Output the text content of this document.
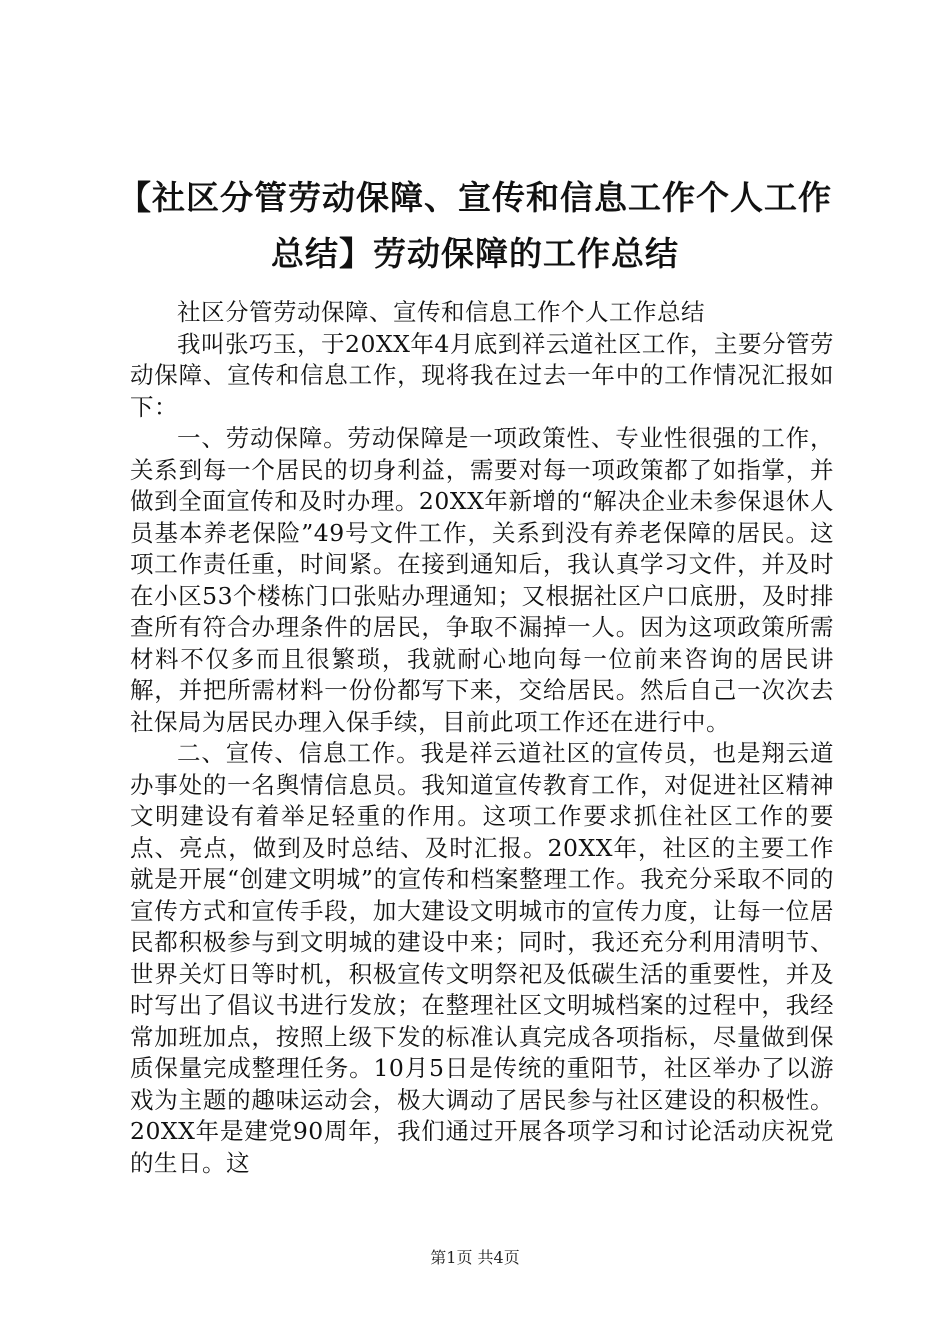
【社区分管劳动保障、宣传和信息工作个人工作总结】劳动保障的工作总结

社区分管劳动保障、宣传和信息工作个人工作总结

我叫张巧玉，于20XX年4月底到祥云道社区工作，主要分管劳动保障、宣传和信息工作，现将我在过去一年中的工作情况汇报如下：

一、劳动保障。劳动保障是一项政策性、专业性很强的工作，关系到每一个居民的切身利益，需要对每一项政策都了如指掌，并做到全面宣传和及时办理。20XX年新增的“解决企业未参保退休人员基本养老保险”49号文件工作，关系到没有养老保障的居民。这项工作责任重，时间紧。在接到通知后，我认真学习文件，并及时在小区53个楼栋门口张贴办理通知；又根据社区户口底册，及时排查所有符合办理条件的居民，争取不漏掉一人。因为这项政策所需材料不仅多而且很繁琐，我就耐心地向每一位前来咨询的居民讲解，并把所需材料一份份都写下来，交给居民。然后自己一次次去社保局为居民办理入保手续，目前此项工作还在进行中。

二、宣传、信息工作。我是祥云道社区的宣传员，也是翔云道办事处的一名舆情信息员。我知道宣传教育工作，对促进社区精神文明建设有着举足轻重的作用。这项工作要求抓住社区工作的要点、亮点，做到及时总结、及时汇报。20XX年，社区的主要工作就是开展“创建文明城”的宣传和档案整理工作。我充分采取不同的宣传方式和宣传手段，加大建设文明城市的宣传力度，让每一位居民都积极参与到文明城的建设中来；同时，我还充分利用清明节、世界关灯日等时机，积极宣传文明祭祀及低碳生活的重要性，并及时写出了倡议书进行发放；在整理社区文明城档案的过程中，我经常加班加点，按照上级下发的标准认真完成各项指标，尽量做到保质保量完成整理任务。10月5日是传统的重阳节，社区举办了以游戏为主题的趣味运动会，极大调动了居民参与社区建设的积极性。20XX年是建党90周年，我们通过开展各项学习和讨论活动庆祝党的生日。这

第1页 共4页
